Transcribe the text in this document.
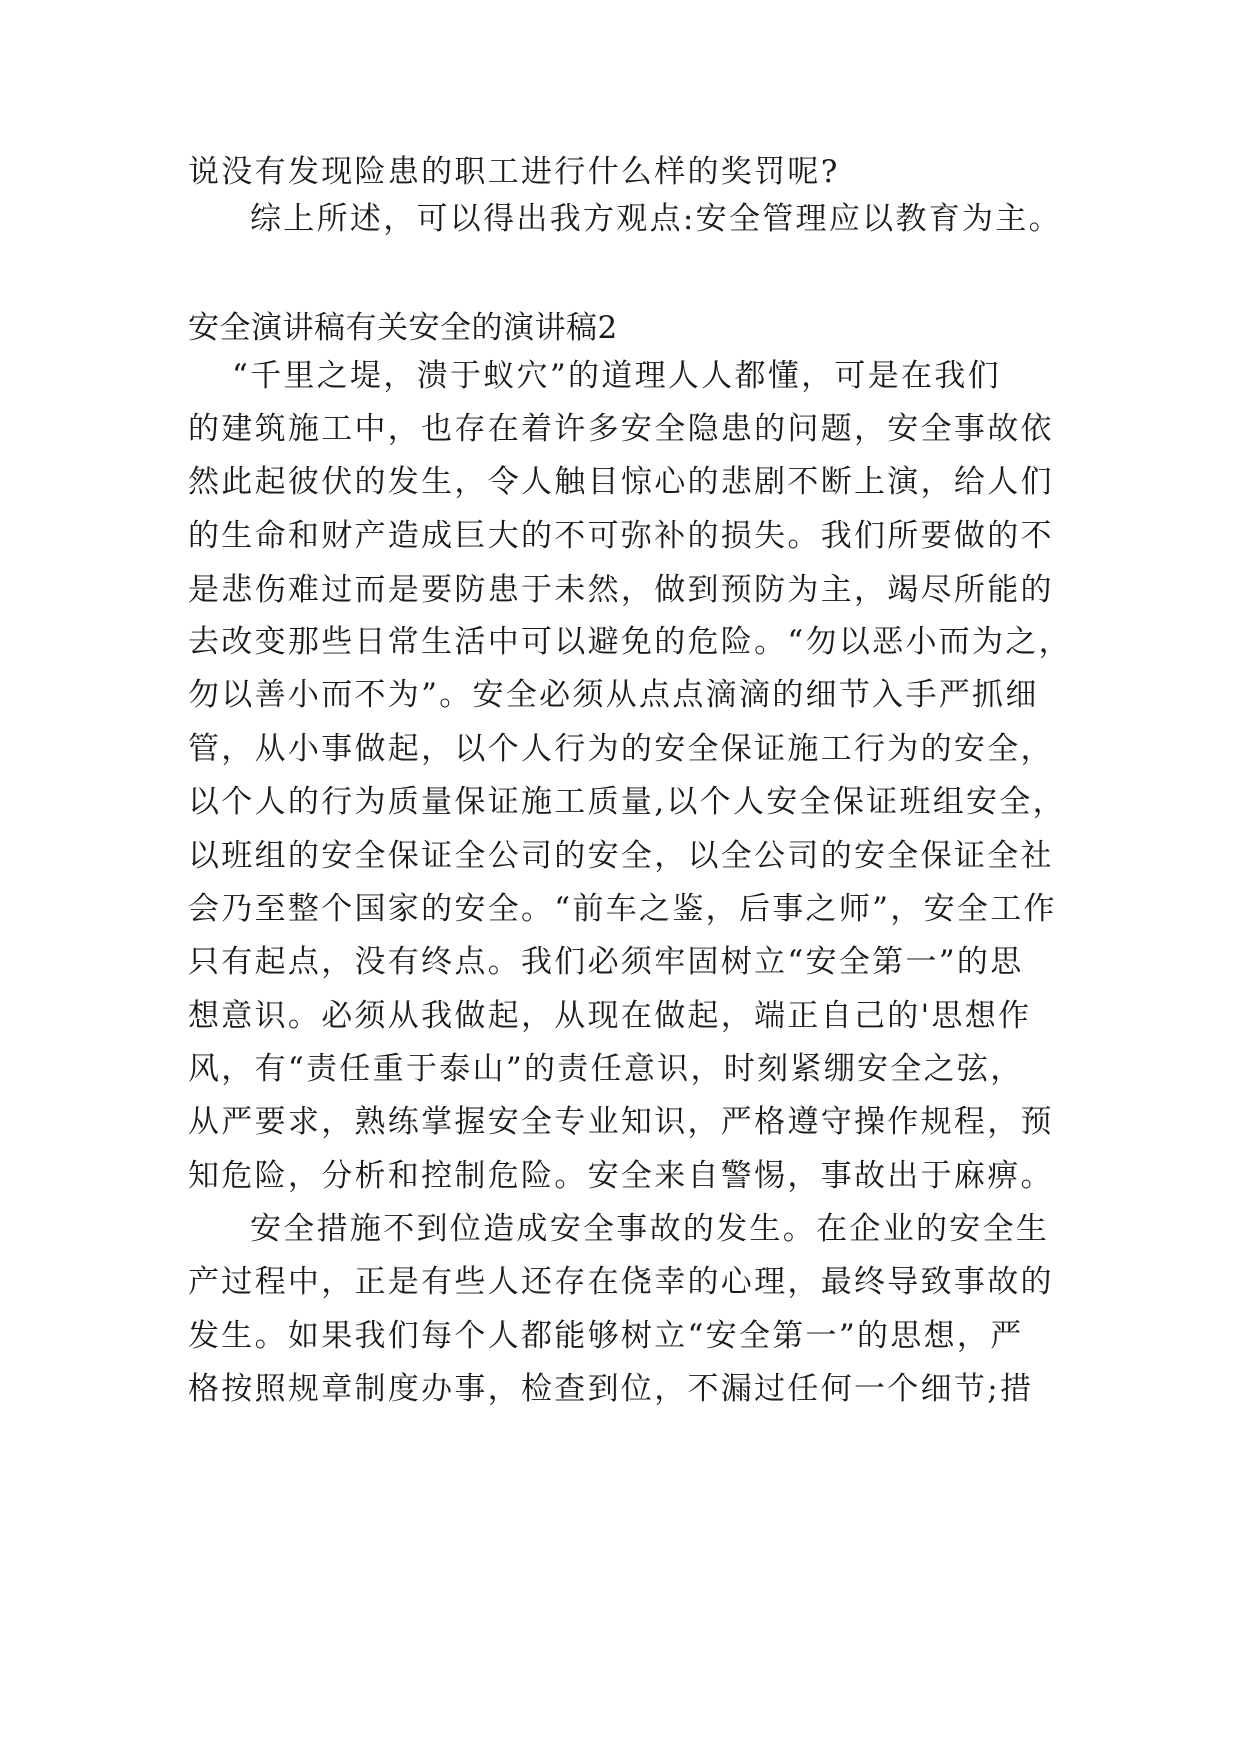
说没有发现险患的职工进行什么样的奖罚呢?
综上所述，可以得出我方观点:安全管理应以教育为主。
安全演讲稿有关安全的演讲稿2
“千里之堤，溃于蚁穴”的道理人人都懂，可是在我们
的建筑施工中，也存在着许多安全隐患的问题，安全事故依
然此起彼伏的发生，令人触目惊心的悲剧不断上演，给人们
的生命和财产造成巨大的不可弥补的损失。我们所要做的不
是悲伤难过而是要防患于未然，做到预防为主，竭尽所能的
去改变那些日常生活中可以避免的危险。“勿以恶小而为之，
勿以善小而不为”。安全必须从点点滴滴的细节入手严抓细
管，从小事做起，以个人行为的安全保证施工行为的安全，
以个人的行为质量保证施工质量,以个人安全保证班组安全，
以班组的安全保证全公司的安全，以全公司的安全保证全社
会乃至整个国家的安全。“前车之鉴，后事之师”，安全工作
只有起点，没有终点。我们必须牢固树立“安全第一”的思
想意识。必须从我做起，从现在做起，端正自己的'思想作
风，有“责任重于泰山”的责任意识，时刻紧绷安全之弦，
从严要求，熟练掌握安全专业知识，严格遵守操作规程，预
知危险，分析和控制危险。安全来自警惕，事故出于麻痹。
安全措施不到位造成安全事故的发生。在企业的安全生
产过程中，正是有些人还存在侥幸的心理，最终导致事故的
发生。如果我们每个人都能够树立“安全第一”的思想，严
格按照规章制度办事，检查到位，不漏过任何一个细节;措
